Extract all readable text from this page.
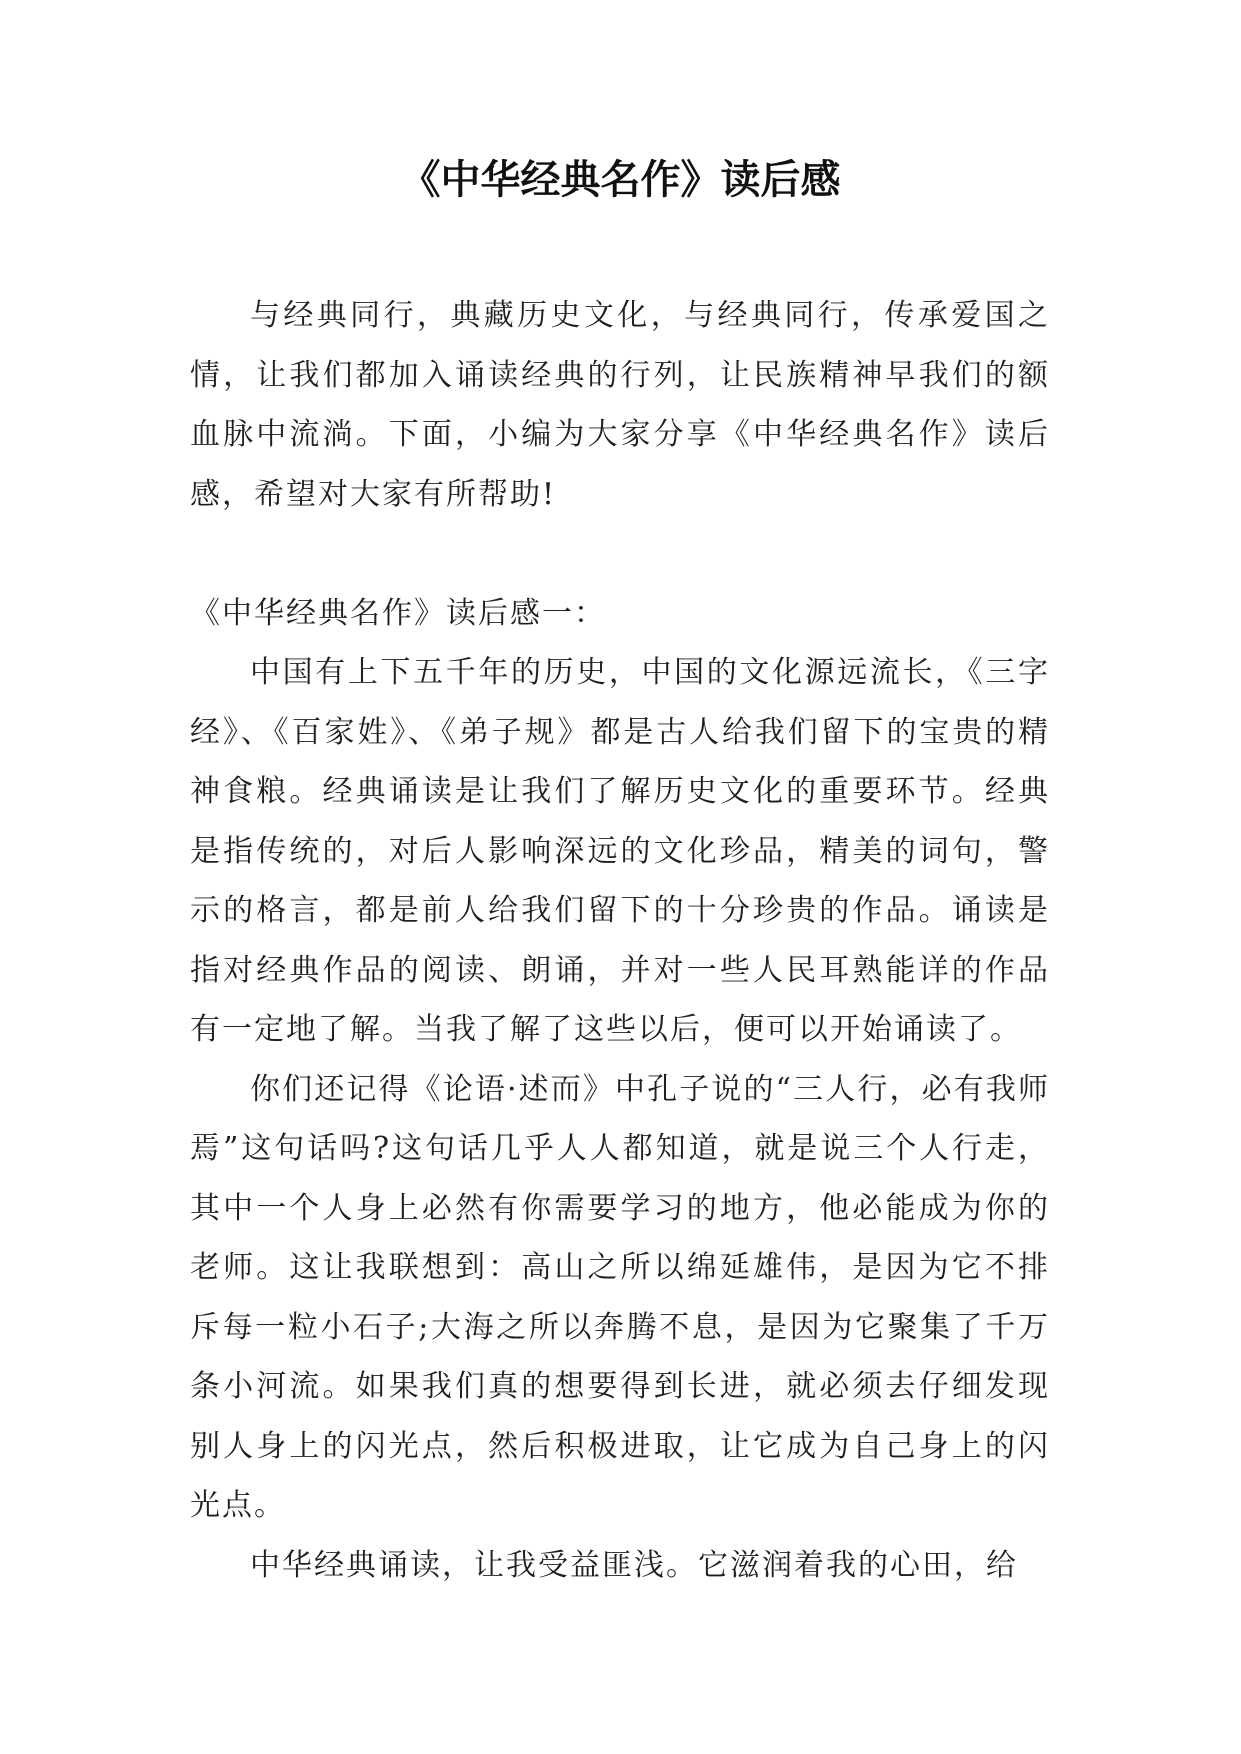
《中华经典名作》读后感

与经典同行，典藏历史文化，与经典同行，传承爱国之情，让我们都加入诵读经典的行列，让民族精神早我们的额血脉中流淌。下面，小编为大家分享《中华经典名作》读后感，希望对大家有所帮助!

《中华经典名作》读后感一：

中国有上下五千年的历史，中国的文化源远流长，《三字经》、《百家姓》、《弟子规》都是古人给我们留下的宝贵的精神食粮。经典诵读是让我们了解历史文化的重要环节。经典是指传统的，对后人影响深远的文化珍品，精美的词句，警示的格言，都是前人给我们留下的十分珍贵的作品。诵读是指对经典作品的阅读、朗诵，并对一些人民耳熟能详的作品有一定地了解。当我了解了这些以后，便可以开始诵读了。

你们还记得《论语·述而》中孔子说的“三人行，必有我师焉”这句话吗?这句话几乎人人都知道，就是说三个人行走，其中一个人身上必然有你需要学习的地方，他必能成为你的老师。这让我联想到：高山之所以绵延雄伟，是因为它不排斥每一粒小石子;大海之所以奔腾不息，是因为它聚集了千万条小河流。如果我们真的想要得到长进，就必须去仔细发现别人身上的闪光点，然后积极进取，让它成为自己身上的闪光点。

中华经典诵读，让我受益匪浅。它滋润着我的心田，给
